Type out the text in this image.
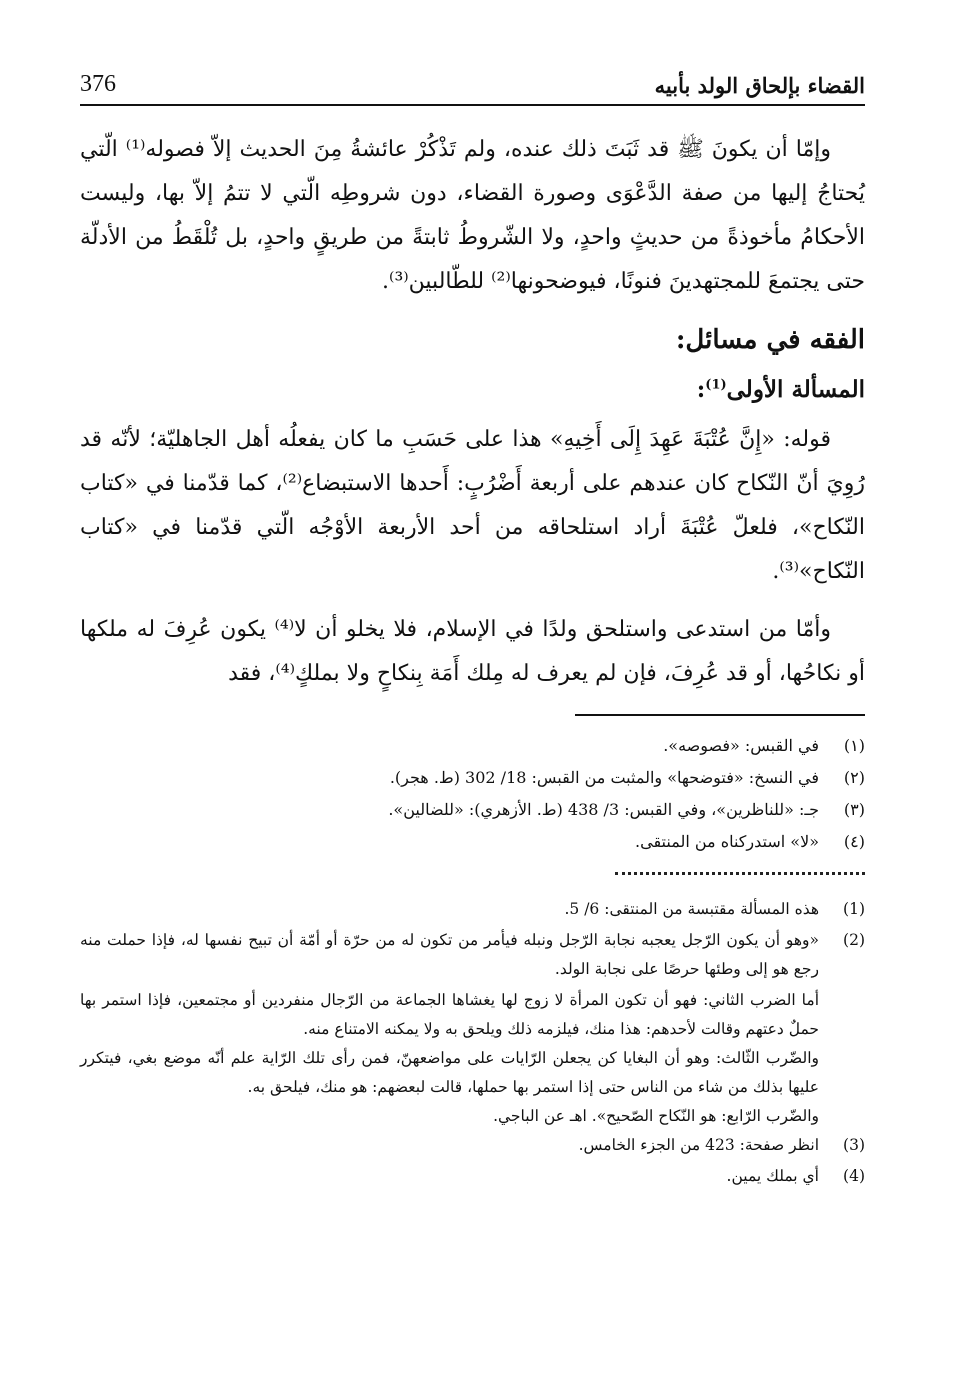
القضاء بإلحاق الولد بأبيه
376

وإمّا أن يكونَ ﷺ قد ثَبَتَ ذلك عنده، ولم تَذْكُرْ عائشةُ مِنَ الحديث إلاّ فصوله⁽¹⁾ الّتي يُحتاجُ إليها من صفة الدَّعْوَى وصورة القضاء، دون شروطِه الّتي لا تتمُ إلاّ بها، وليست الأحكامُ مأخوذةً من حديثٍ واحدٍ، ولا الشّروطُ ثابتةً من طريقٍ واحدٍ، بل تُلْقَطُ من الأدلّة حتى يجتمعَ للمجتهدينَ فنونًا، فيوضحونها⁽²⁾ للطّالبين⁽³⁾.

الفقه في مسائل:
المسألة الأولى$^{(1)}$:

قوله: «إِنَّ عُتْبَةَ عَهِدَ إِلَى أَخِيهِ» هذا على حَسَبِ ما كان يفعلُه أهل الجاهليّة؛ لأنّه قد رُوِيَ أنّ النّكاح كان عندهم على أربعة أَضْرُبٍ: أَحدها الاستبضاع⁽²⁾، كما قدّمنا في «كتاب النّكاح»، فلعلّ عُتْبَةَ أراد استلحاقه من أحد الأربعة الأوْجُه الّتي قدّمنا في «كتاب النّكاح»⁽³⁾.

وأمّا من استدعى واستلحق ولدًا في الإسلام، فلا يخلو أن لا⁽⁴⁾ يكون عُرِفَ له ملكها أو نكاحُها، أو قد عُرِفَ، فإن لم يعرف له مِلك أَمَة بِنكاحٍ ولا بملكٍ⁽⁴⁾، فقد

(١)
في القبس: «فصوصه».
(٢)
في النسخ: «فتوضحها» والمثبت من القبس: 18/ 302 (ط. هجر).
(٣)
جـ: «للناظرين»، وفي القبس: 3/ 438 (ط. الأزهري): «للضالين».
(٤)
«لا» استدركناه من المنتقى.
(1)
هذه المسألة مقتبسة من المنتقى: 6/ 5.
(2)
«وهو أن يكون الرّجل يعجبه نجابة الرّجل ونبله فيأمر من تكون له من حرّة أو أمّة أن تبيح نفسها له، فإذا حملت منه رجع هو إلى وطئها حرصًا على نجابة الولد.
أما الضرب الثاني: فهو أن تكون المرأة لا زوج لها يغشاها الجماعة من الرّجال منفردين أو مجتمعين، فإذا استمر بها حملٌ دعتهم وقالت لأحدهم: هذا منك، فيلزمه ذلك ويلحق به ولا يمكنه الامتناع منه.
والضّرب الثّالث: وهو أن البغايا كن يجعلن الرّايات على مواضعهنّ، فمن رأى تلك الرّاية علم أنّه موضع بغي، فيتكرر عليها بذلك من شاء من الناس حتى إذا استمر بها حملها، قالت لبعضهم: هو منك، فيلحق به.
والضّرب الرّابع: هو النّكاح الصّحيح». اهـ عن الباجي.
(3)
انظر صفحة: 423 من الجزء الخامس.
(4)
أي بملك يمين.
